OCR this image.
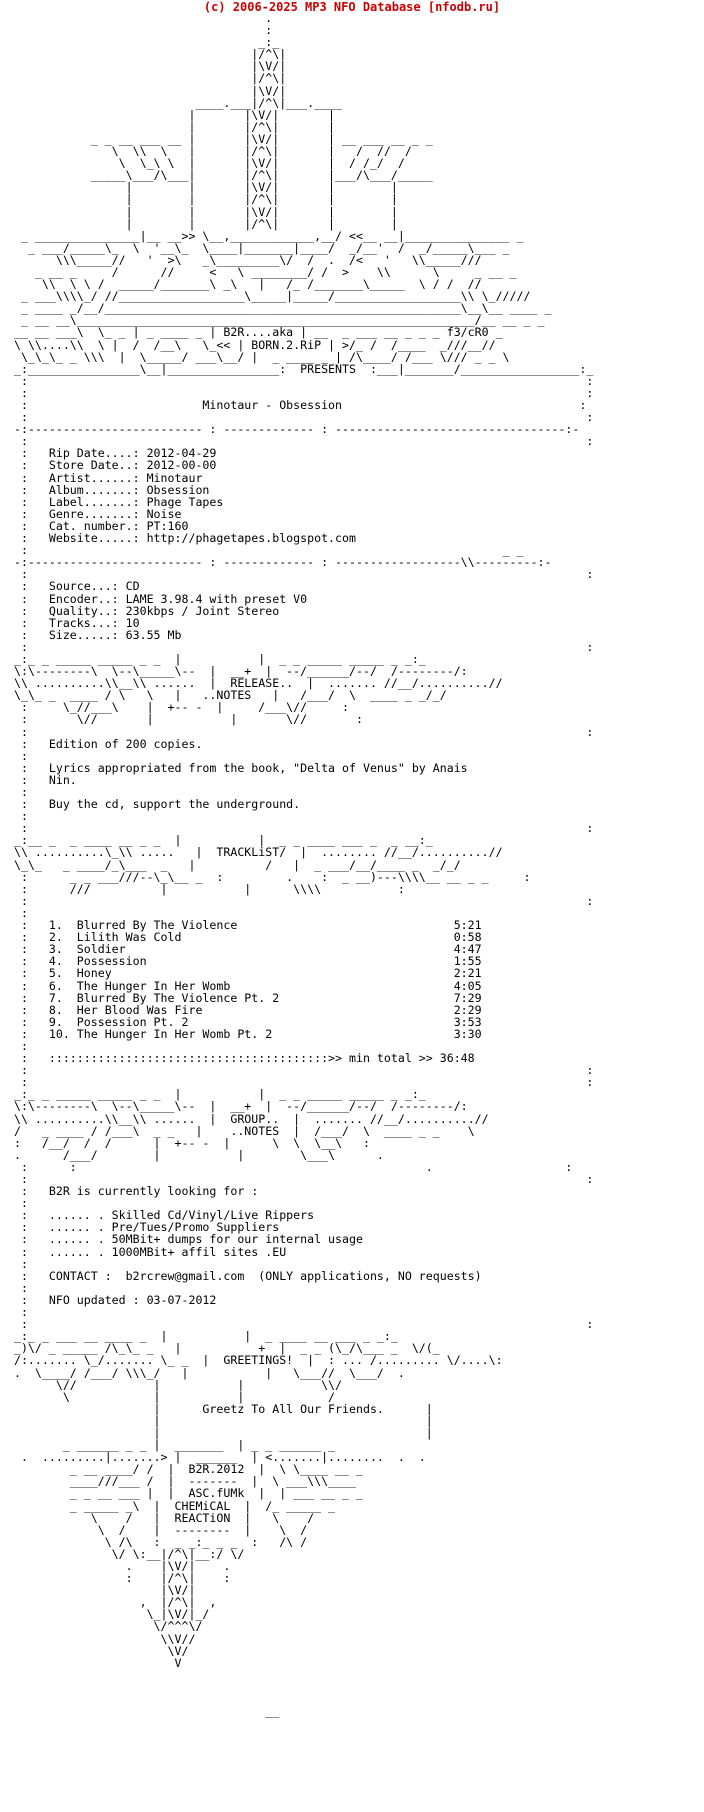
(c) 2006-2025 MP3 NFO Database [nfodb.ru]
.
:
_:_
|/^\|
|\V/|
|/^\|
|\V/|
____.___|/^\|___.____
|       |\V/|       |
|       |/^\|       |
_ _ __ ___ __ |       |\V/|       | __ ___ __ _ _
\  \\  \   |       |/^\|       |   /  //  /
\  \_\ \  |       |\V/|       |  / /_/  /
_____\___/\___|       |/^\|       |___/\___/_____
|        |       |\V/|       |        |
|        |       |/^\|       |        |
|        |       |\V/|       |        |
|        |       |/^\|       |        |
_ _______________|__ __>> \__,____________,__/ <<__ __|_______________ _
_ ___/_____\_  \  '__\_  \____|_______|____/  _/__'  /  _/_____\___ _
\\\_____//   '  >\   _\_________\/  /  .  /<   '   \\_____///
_ __ _     /      //     <   \ ________/ /  >    \\      \     _ __ _
\\  \ \ /  _____/_______\ _\   |   /_ /_______\_____  \ / /  //
_ ___\\\\_/ //__________________\_____|_____/__________________\\ \_/////
_ ____ _/__/___________________________________________________\__\__ ____ _
_ __ __\_________________________________________________________/__ __ _ _
__ __ ___\  \_ _ | _ ____ _ | B2R....aka | __  _ ___ __ _ _ _ f3/cR0 _
\ \\....\\  \ |  /  /__\   \_<< | BORN.2.RiP | >/_ /  /____  _///__//
\_\_\_ _ \\\  |  \_____/ ___\__/ |  _ ____ _ | /\____/ /___ \/// _ _ \
_:________________\__|________________:  PRESENTS  :___|_______/_________________:_
:                                                                                :
:                                                                                :
:                         Minotaur - Obsession                                  :
:                                                                                :
-:------------------------- : ------------- : ---------------------------------:-
:                                                                                :
:   Rip Date....: 2012-04-29
:   Store Date..: 2012-00-00
:   Artist......: Minotaur
:   Album.......: Obsession
:   Label.......: Phage Tapes
:   Genre.......: Noise
:   Cat. number.: PT:160
:   Website.....: http://phagetapes.blogspot.com
:                                                                    _ _
-:------------------------- : ------------- : ------------------\\---------:-
:                                                                                :
:   Source...: CD
:   Encoder..: LAME 3.98.4 with preset V0
:   Quality..: 230kbps / Joint Stereo
:   Tracks...: 10
:   Size.....: 63.55 Mb
:                                                                                :
_:_ _ _____ _____ _ _  |           |  _ _ _____ _____ _ _:_
\:\--------\  \--\_____\--  |  __+  |  --/______/--/  /--------/:
\\ ..........\\__\\ ......  |  RELEASE..  |  ....... //__/..........//
\_\_ _  ____ / \   \   |   ..NOTES   |   /___/  \  ____ _ _/_/
:     \_//___\    |  +-- -  |     /___\//     :
:       \//       |           |       \//       :
:                                                                                :
:   Edition of 200 copies.
:
:   Lyrics appropriated from the book, "Delta of Venus" by Anais
:   Nin.
:
:   Buy the cd, support the underground.
:
:                                                                                :
_:__ _  _ ____ __ _ _  |           |  _ _ ____ ___ _  _ __:_
\\ ..........\_\\ .....   |  TRACKLiST/  |  ........ //__/..........//
\_\_   _ ____/_\___  _   |          /   |  _ ___/__/____ _  _/_/
:      _ _ ___///--\_\__ _  :         .    :  _ __)---\\\\__ __ _ _     :
:      ///          |           |      \\\\           :
:                                                                                :
:
:   1.  Blurred By The Violence                               5:21
:   2.  Lilith Was Cold                                       0:58
:   3.  Soldier                                               4:47
:   4.  Possession                                            1:55
:   5.  Honey                                                 2:21
:   6.  The Hunger In Her Womb                                4:05
:   7.  Blurred By The Violence Pt. 2                         7:29
:   8.  Her Blood Was Fire                                    2:29
:   9.  Possession Pt. 2                                      3:53
:   10. The Hunger In Her Womb Pt. 2                          3:30
:
:   ::::::::::::::::::::::::::::::::::::::::>> min total >> 36:48
:                                                                                :
:                                                                                :
_:_ _ _____ _____ _ _  |           |  _ _ _____ _____ _ _:_
\:\--------\  \--\_____\--  |  __+  |  --/______/--/  /--------/:
\\ ..........\\__\\ ......  |  GROUP..  |  ....... //__/..........//
/   _ ____ / /___\  _ _   |    ..NOTES  |  /___/  \  ____ _ _    \
:   /__/  /  /      |  +-- -  |      \  \  \__\   :
.      /___/        |           |        \___\      .
:      :                                                  .                   :
:                                                                                :
:   B2R is currently looking for :
:
:   ...... . Skilled Cd/Vinyl/Live Rippers
:   ...... . Pre/Tues/Promo Suppliers
:   ...... . 50MBit+ dumps for our internal usage
:   ...... . 1000MBit+ affil sites .EU
:
:   CONTACT :  b2rcrew@gmail.com  (ONLY applications, NO requests)
:
:   NFO updated : 03-07-2012
:
:                                                                                :
_:_ _ ___ __ ____ _  |           |  _ ____ __ ___ _ _:_
_)\/ _ _____ /\_\_ _   |           +  |  _ _ (\_/\___ _  \/(_
/:....... \_/....... \_ _  |  GREETINGS!  |  : ... /......... \/....\:
.  \____/ /___/ \\\_/   |           |   \___//  \___/  .
\//           |           |           \\/
\            |           |            /
|      Greetz To All Our Friends.      |
|                                      |
|                                      |
_ ______ _ _ |  _______  | _ _ ______ _
.  .........|.......> |  ______  | <.......|........  .  .
_ __ ____/ /  |  B2R.2012  |  \ \____ __ _
____///___ /  |  -------  |  \ ___\\\____
_ _ __ ___ |  |  ASC.fUMk  |  | ___ __ _ _
_ _____ _\  |  CHEMiCAL  |  /_ _____ _
\    /   |  REACTiON  |   \    /
\  /    |  --------  |    \  /
\ /\   :  _ _:_ _ _  :   /\ /
\/ \:__|/^\|__:/ \/
.    |\V/|    .
:    |/^\|    :
|\V/|
,  |/^\|  ,
\_|\V/|_/
\/^^^\/
\\V//
\V/
V

__
